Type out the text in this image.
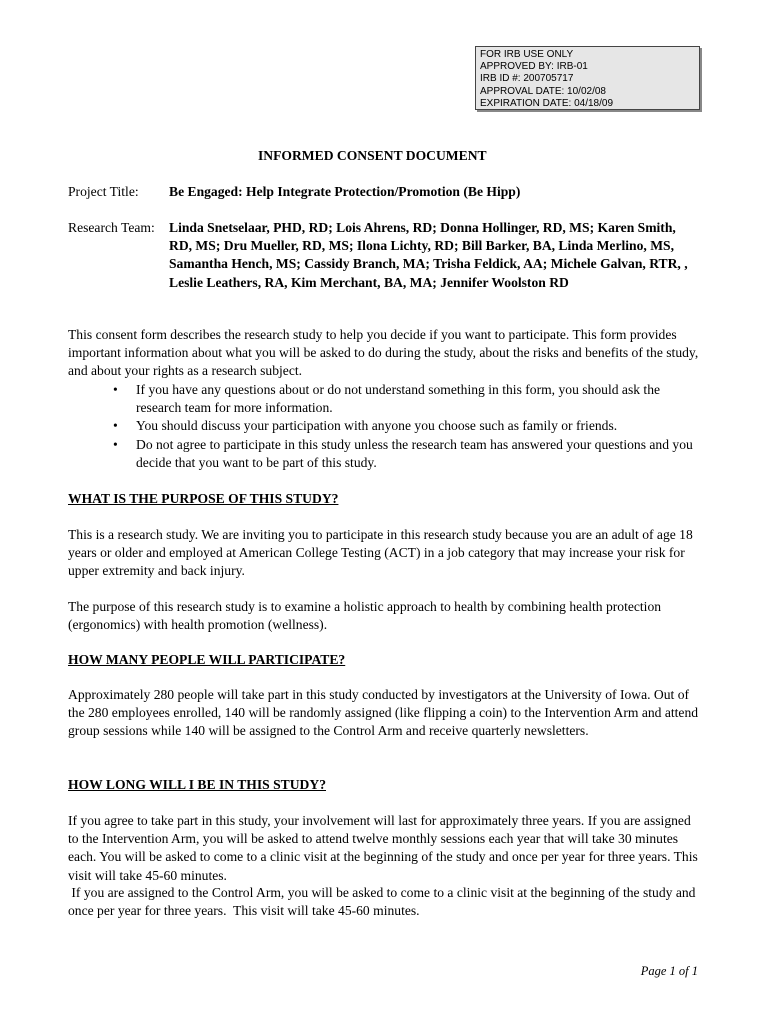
FOR IRB USE ONLY
APPROVED BY: IRB-01
IRB ID #: 200705717
APPROVAL DATE: 10/02/08
EXPIRATION DATE: 04/18/09
INFORMED CONSENT DOCUMENT
Project Title: Be Engaged: Help Integrate Protection/Promotion (Be Hipp)
Research Team: Linda Snetselaar, PHD, RD; Lois Ahrens, RD; Donna Hollinger, RD, MS; Karen Smith, RD, MS; Dru Mueller, RD, MS; Ilona Lichty, RD; Bill Barker, BA, Linda Merlino, MS, Samantha Hench, MS; Cassidy Branch, MA; Trisha Feldick, AA; Michele Galvan, RTR, , Leslie Leathers, RA, Kim Merchant, BA, MA; Jennifer Woolston RD

This consent form describes the research study to help you decide if you want to participate. This form provides important information about what you will be asked to do during the study, about the risks and benefits of the study, and about your rights as a research subject.

• If you have any questions about or do not understand something in this form, you should ask the research team for more information.
• You should discuss your participation with anyone you choose such as family or friends.
• Do not agree to participate in this study unless the research team has answered your questions and you decide that you want to be part of this study.
WHAT IS THE PURPOSE OF THIS STUDY?

This is a research study. We are inviting you to participate in this research study because you are an adult of age 18 years or older and employed at American College Testing (ACT) in a job category that may increase your risk for upper extremity and back injury.

The purpose of this research study is to examine a holistic approach to health by combining health protection (ergonomics) with health promotion (wellness).

HOW MANY PEOPLE WILL PARTICIPATE?

Approximately 280 people will take part in this study conducted by investigators at the University of Iowa. Out of the 280 employees enrolled, 140 will be randomly assigned (like flipping a coin) to the Intervention Arm and attend group sessions while 140 will be assigned to the Control Arm and receive quarterly newsletters.

HOW LONG WILL I BE IN THIS STUDY?

If you agree to take part in this study, your involvement will last for approximately three years. If you are assigned to the Intervention Arm, you will be asked to attend twelve monthly sessions each year that will take 30 minutes each. You will be asked to come to a clinic visit at the beginning of the study and once per year for three years. This visit will take 45-60 minutes.

If you are assigned to the Control Arm, you will be asked to come to a clinic visit at the beginning of the study and once per year for three years.  This visit will take 45-60 minutes.

Page 1 of 1
